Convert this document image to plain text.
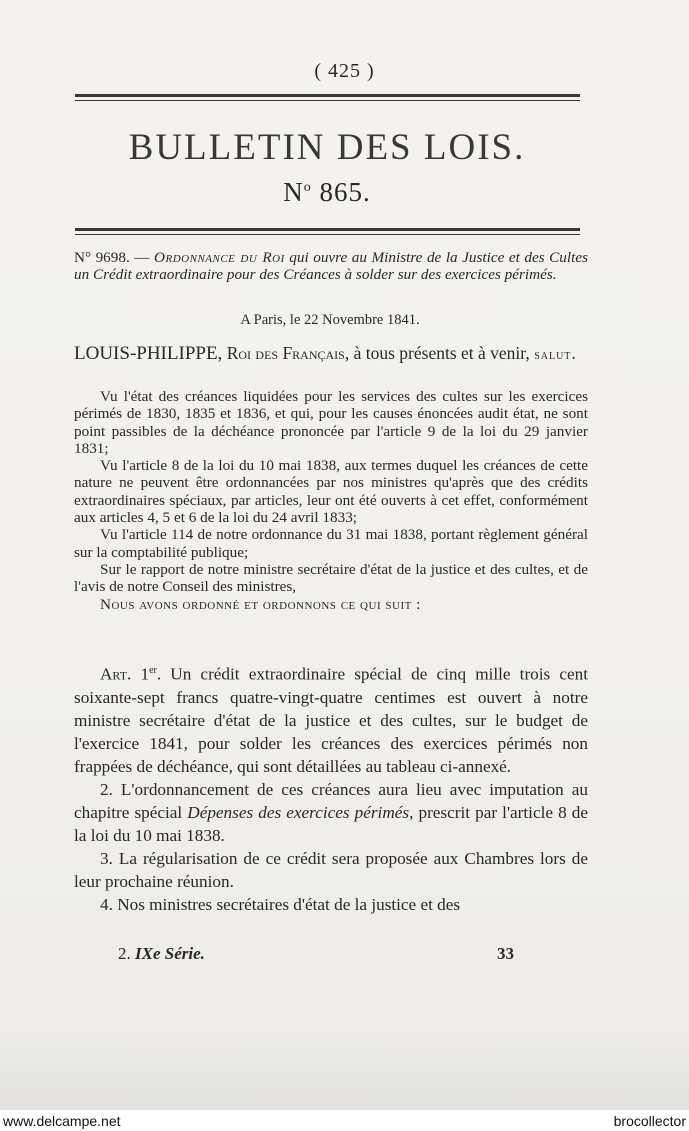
( 425 )
BULLETIN DES LOIS.
$N^o$ 865.
N° 9698. — Ordonnance du Roi qui ouvre au Ministre de la Justice et des Cultes un Crédit extraordinaire pour des Créances à solder sur des exercices périmés.
A Paris, le 22 Novembre 1841.
LOUIS-PHILIPPE, Roi des Français, à tous présents et à venir, salut.

Vu l'état des créances liquidées pour les services des cultes sur les exercices périmés de 1830, 1835 et 1836, et qui, pour les causes énoncées audit état, ne sont point passibles de la déchéance prononcée par l'article 9 de la loi du 29 janvier 1831;

Vu l'article 8 de la loi du 10 mai 1838, aux termes duquel les créances de cette nature ne peuvent être ordonnancées par nos ministres qu'après que des crédits extraordinaires spéciaux, par articles, leur ont été ouverts à cet effet, conformément aux articles 4, 5 et 6 de la loi du 24 avril 1833;

Vu l'article 114 de notre ordonnance du 31 mai 1838, portant règlement général sur la comptabilité publique;

Sur le rapport de notre ministre secrétaire d'état de la justice et des cultes, et de l'avis de notre Conseil des ministres,

Nous avons ordonné et ordonnons ce qui suit :

Art. 1er. Un crédit extraordinaire spécial de cinq mille trois cent soixante-sept francs quatre-vingt-quatre centimes est ouvert à notre ministre secrétaire d'état de la justice et des cultes, sur le budget de l'exercice 1841, pour solder les créances des exercices périmés non frappées de déchéance, qui sont détaillées au tableau ci-annexé.

2. L'ordonnancement de ces créances aura lieu avec imputation au chapitre spécial Dépenses des exercices périmés, prescrit par l'article 8 de la loi du 10 mai 1838.

3. La régularisation de ce crédit sera proposée aux Chambres lors de leur prochaine réunion.

4. Nos ministres secrétaires d'état de la justice et des

2. IXe Série.	33
www.delcampe.net	brocollector
